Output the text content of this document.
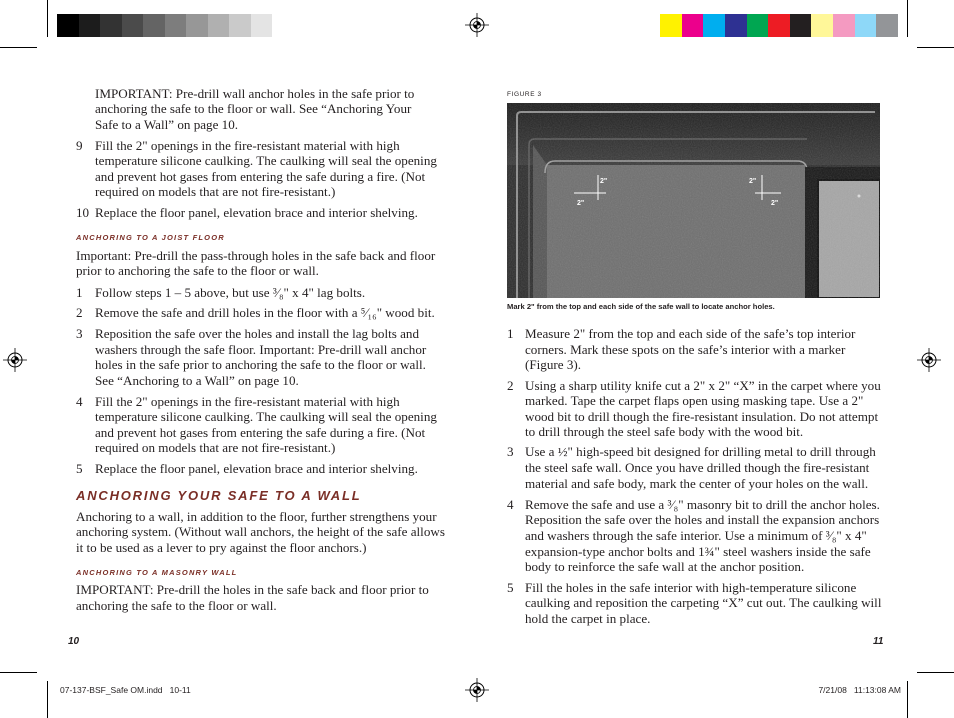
07-137-BSF_Safe OM.indd   10-11	7/21/08   11:13:08 AM
IMPORTANT: Pre-drill wall anchor holes in the safe prior to
anchoring the safe to the floor or wall. See “Anchoring Your
Safe to a Wall” on page 10.
9 Fill the 2" openings in the fire-resistant material with high
temperature silicone caulking. The caulking will seal the opening
and prevent hot gases from entering the safe during a fire. (Not
required on models that are not fire-resistant.)
10 Replace the floor panel, elevation brace and interior shelving.
ANCHORING TO A JOIST FLOOR
Important: Pre-drill the pass-through holes in the safe back and floor
prior to anchoring the safe to the floor or wall.
1 Follow steps 1 – 5 above, but use ³⁄₈" x 4" lag bolts.
2 Remove the safe and drill holes in the floor with a ⁵⁄₁₆" wood bit.
3 Reposition the safe over the holes and install the lag bolts and
washers through the safe floor. Important: Pre-drill wall anchor
holes in the safe prior to anchoring the safe to the floor or wall.
See “Anchoring to a Wall” on page 10.
4 Fill the 2" openings in the fire-resistant material with high
temperature silicone caulking. The caulking will seal the opening
and prevent hot gases from entering the safe during a fire. (Not
required on models that are not fire-resistant.)
5 Replace the floor panel, elevation brace and interior shelving.
ANCHORING YOUR SAFE TO A WALL
Anchoring to a wall, in addition to the floor, further strengthens your
anchoring system. (Without wall anchors, the height of the safe allows
it to be used as a lever to pry against the floor anchors.)
ANCHORING TO A MASONRY WALL
IMPORTANT: Pre-drill the holes in the safe back and floor prior to
anchoring the safe to the floor or wall.
10
FIGURE 3
2"
2"
2"
2"
Mark 2" from the top and each side of the safe wall to locate anchor holes.
1 Measure 2" from the top and each side of the safe’s top interior
corners. Mark these spots on the safe’s interior with a marker
(Figure 3).
2 Using a sharp utility knife cut a 2" x 2" “X” in the carpet where you
marked. Tape the carpet flaps open using masking tape. Use a 2"
wood bit to drill though the fire-resistant insulation. Do not attempt
to drill through the steel safe body with the wood bit.
3 Use a ½" high-speed bit designed for drilling metal to drill through
the steel safe wall. Once you have drilled though the fire-resistant
material and safe body, mark the center of your holes on the wall.
4 Remove the safe and use a ³⁄₈" masonry bit to drill the anchor holes.
Reposition the safe over the holes and install the expansion anchors
and washers through the safe interior. Use a minimum of ³⁄₈" x 4"
expansion-type anchor bolts and 1¾" steel washers inside the safe
body to reinforce the safe wall at the anchor position.
5 Fill the holes in the safe interior with high-temperature silicone
caulking and reposition the carpeting “X” cut out. The caulking will
hold the carpet in place.
11
